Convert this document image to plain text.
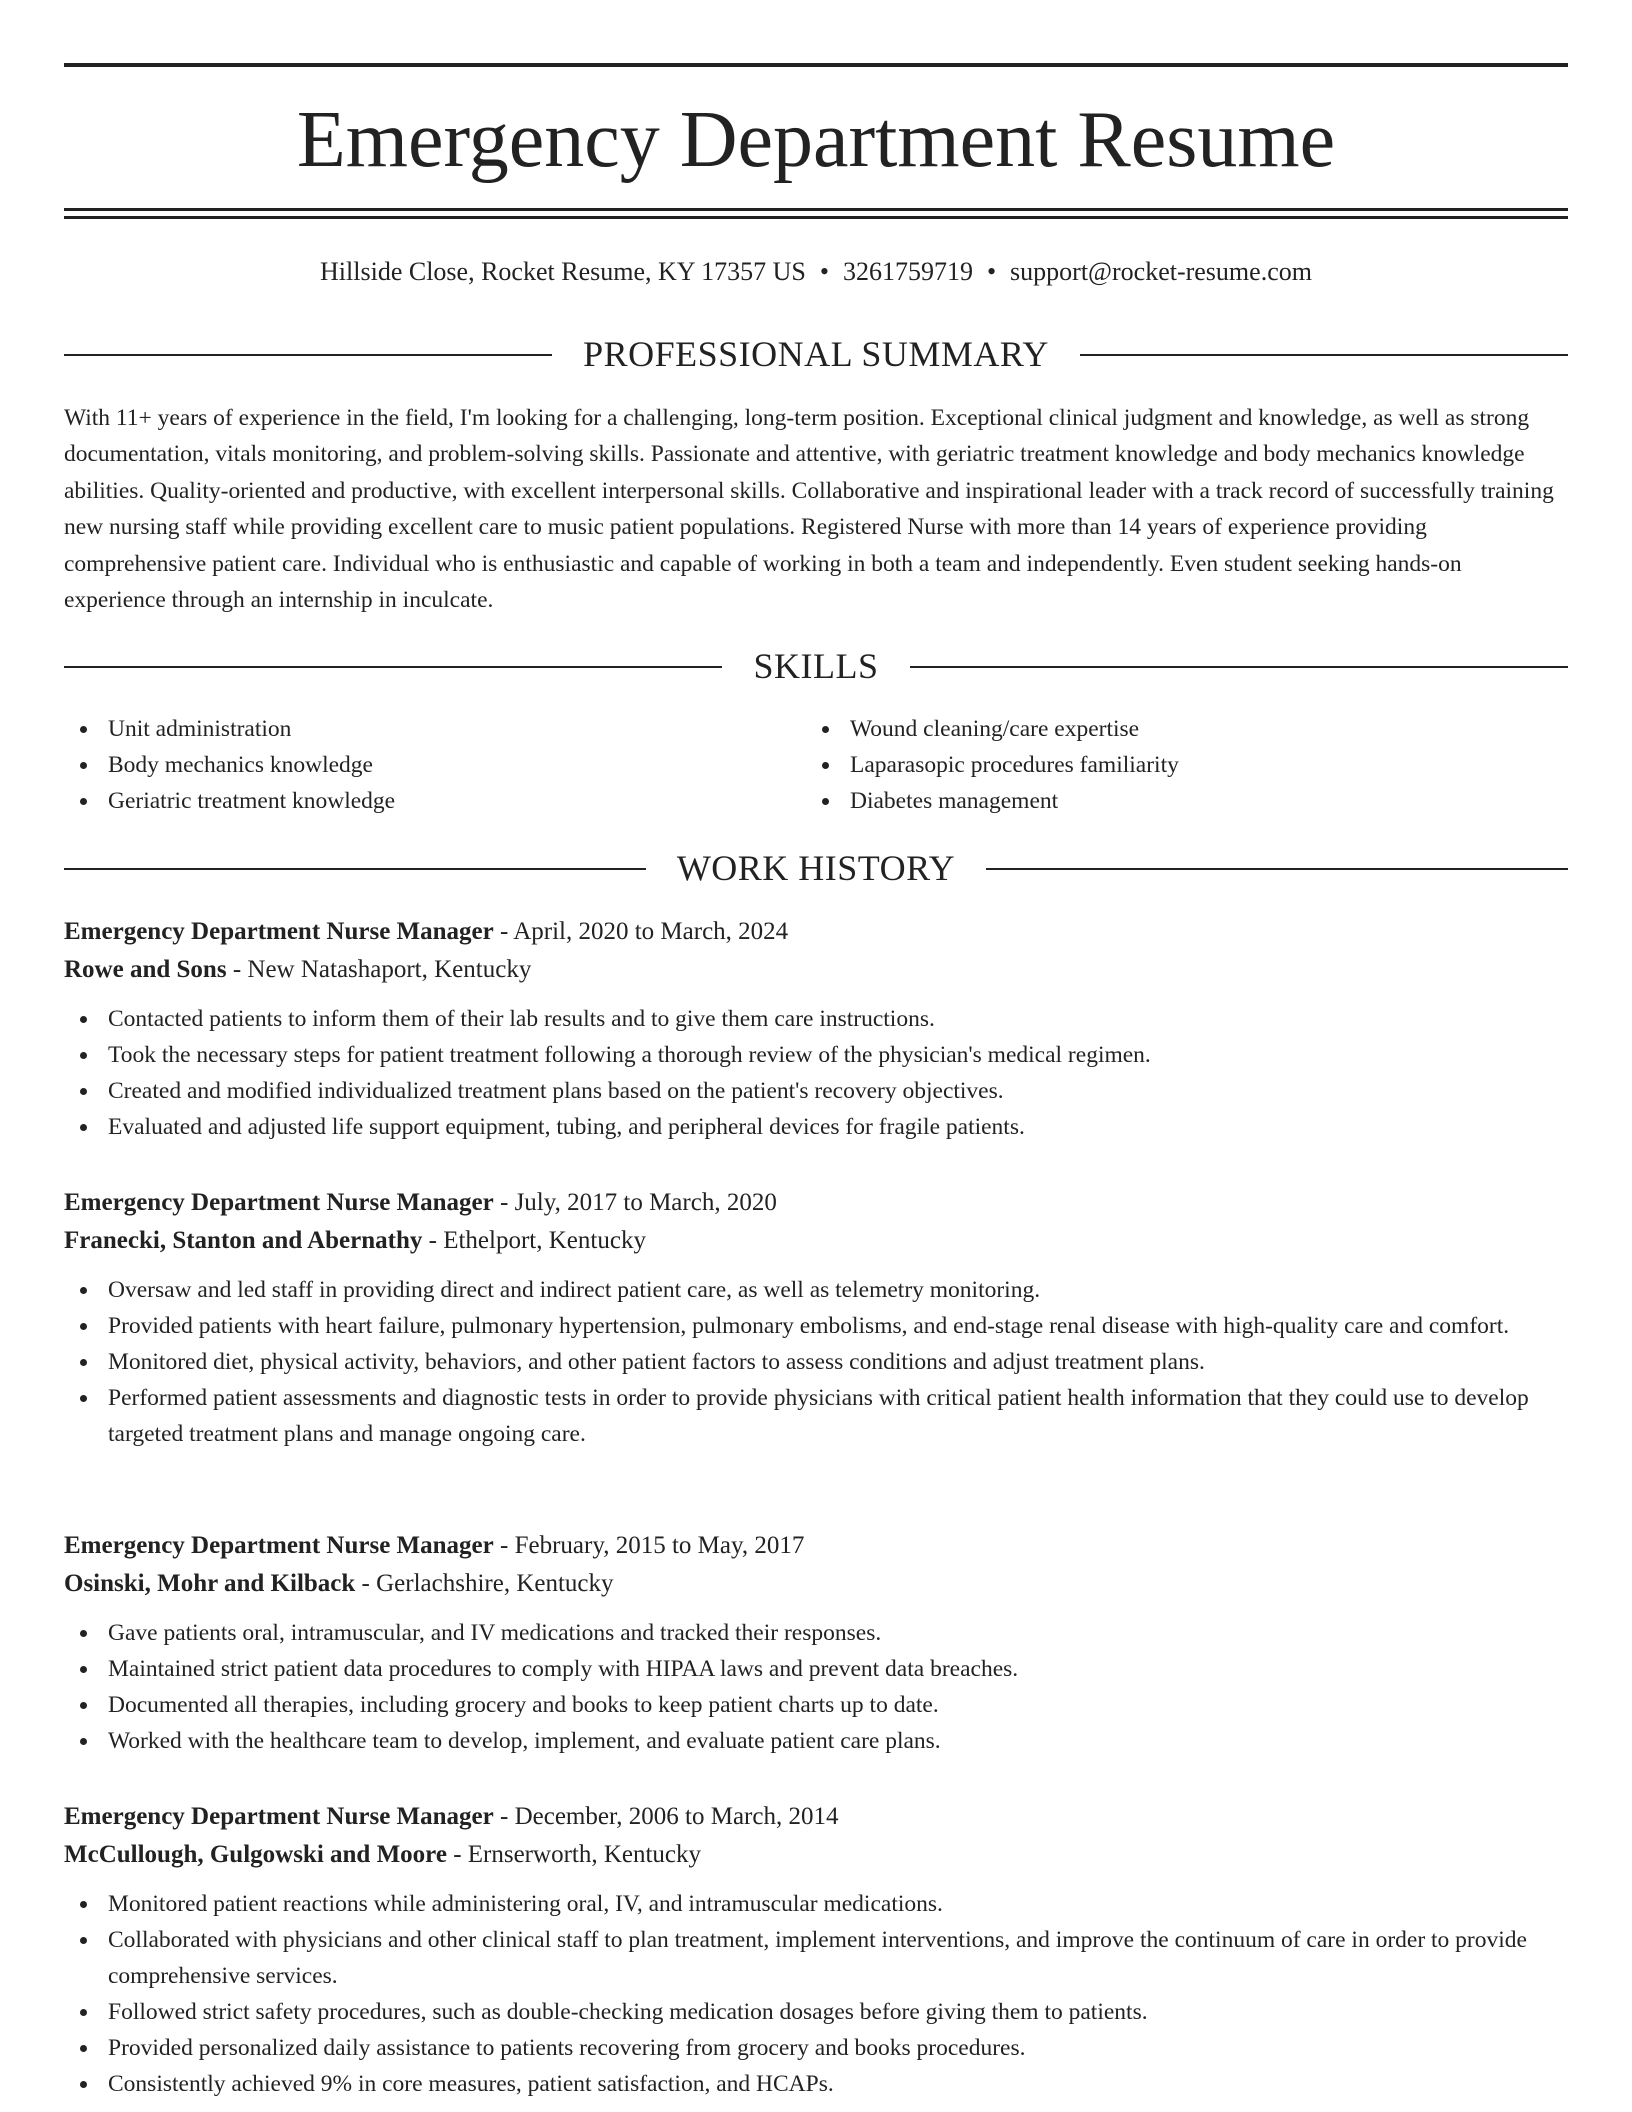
Emergency Department Resume
Hillside Close, Rocket Resume, KY 17357 US • 3261759719 • support@rocket-resume.com
PROFESSIONAL SUMMARY

With 11+ years of experience in the field, I'm looking for a challenging, long-term position. Exceptional clinical judgment and knowledge, as well as strong documentation, vitals monitoring, and problem-solving skills. Passionate and attentive, with geriatric treatment knowledge and body mechanics knowledge abilities. Quality-oriented and productive, with excellent interpersonal skills. Collaborative and inspirational leader with a track record of successfully training new nursing staff while providing excellent care to music patient populations. Registered Nurse with more than 14 years of experience providing comprehensive patient care. Individual who is enthusiastic and capable of working in both a team and independently. Even student seeking hands-on experience through an internship in inculcate.

SKILLS
Unit administration
Body mechanics knowledge
Geriatric treatment knowledge
Wound cleaning/care expertise
Laparasopic procedures familiarity
Diabetes management
WORK HISTORY

Emergency Department Nurse Manager - April, 2020 to March, 2024

Rowe and Sons - New Natashaport, Kentucky

Contacted patients to inform them of their lab results and to give them care instructions.
Took the necessary steps for patient treatment following a thorough review of the physician's medical regimen.
Created and modified individualized treatment plans based on the patient's recovery objectives.
Evaluated and adjusted life support equipment, tubing, and peripheral devices for fragile patients.

Emergency Department Nurse Manager - July, 2017 to March, 2020

Franecki, Stanton and Abernathy - Ethelport, Kentucky

Oversaw and led staff in providing direct and indirect patient care, as well as telemetry monitoring.
Provided patients with heart failure, pulmonary hypertension, pulmonary embolisms, and end-stage renal disease with high-quality care and comfort.
Monitored diet, physical activity, behaviors, and other patient factors to assess conditions and adjust treatment plans.
Performed patient assessments and diagnostic tests in order to provide physicians with critical patient health information that they could use to develop targeted treatment plans and manage ongoing care.

Emergency Department Nurse Manager - February, 2015 to May, 2017

Osinski, Mohr and Kilback - Gerlachshire, Kentucky

Gave patients oral, intramuscular, and IV medications and tracked their responses.
Maintained strict patient data procedures to comply with HIPAA laws and prevent data breaches.
Documented all therapies, including grocery and books to keep patient charts up to date.
Worked with the healthcare team to develop, implement, and evaluate patient care plans.

Emergency Department Nurse Manager - December, 2006 to March, 2014

McCullough, Gulgowski and Moore - Ernserworth, Kentucky

Monitored patient reactions while administering oral, IV, and intramuscular medications.
Collaborated with physicians and other clinical staff to plan treatment, implement interventions, and improve the continuum of care in order to provide comprehensive services.
Followed strict safety procedures, such as double-checking medication dosages before giving them to patients.
Provided personalized daily assistance to patients recovering from grocery and books procedures.
Consistently achieved 9% in core measures, patient satisfaction, and HCAPs.
